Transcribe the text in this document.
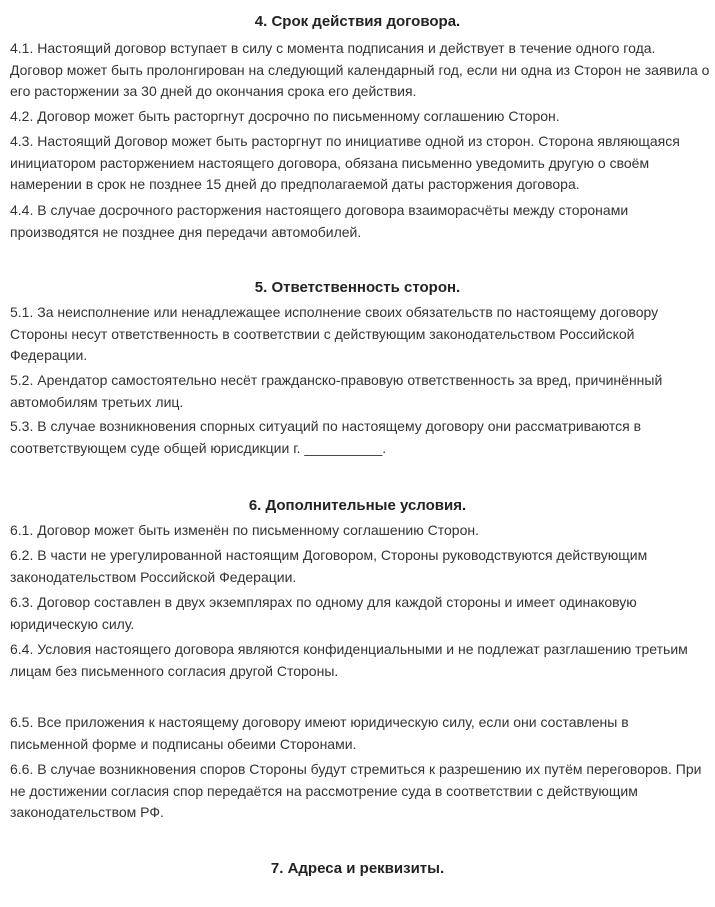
4. Срок действия договора.

4.1. Настоящий договор вступает в силу с момента подписания и действует в течение одного года. Договор может быть пролонгирован на следующий календарный год, если ни одна из Сторон не заявила о его расторжении за 30 дней до окончания срока его действия.

4.2. Договор может быть расторгнут досрочно по письменному соглашению Сторон.

4.3. Настоящий Договор может быть расторгнут по инициативе одной из сторон. Сторона являющаяся инициатором расторжением настоящего договора, обязана письменно уведомить другую о своём намерении в срок не позднее 15 дней до предполагаемой даты расторжения договора.

4.4. В случае досрочного расторжения настоящего договора взаиморасчёты между сторонами производятся не позднее дня передачи автомобилей.

5. Ответственность сторон.

5.1. За неисполнение или ненадлежащее исполнение своих обязательств по настоящему договору Стороны несут ответственность в соответствии с действующим законодательством Российской Федерации.

5.2. Арендатор самостоятельно несёт гражданско-правовую ответственность за вред, причинённый автомобилям третьих лиц.

5.3. В случае возникновения спорных ситуаций по настоящему договору они рассматриваются в соответствующем суде общей юрисдикции г. __________.

6. Дополнительные условия.

6.1. Договор может быть изменён по письменному соглашению Сторон.

6.2. В части не урегулированной настоящим Договором, Стороны руководствуются действующим законодательством Российской Федерации.

6.3. Договор составлен в двух экземплярах по одному для каждой стороны и имеет одинаковую юридическую силу.

6.4. Условия настоящего договора являются конфиденциальными и не подлежат разглашению третьим лицам без письменного согласия другой Стороны.

6.5. Все приложения к настоящему договору имеют юридическую силу, если они составлены в письменной форме и подписаны обеими Сторонами.

6.6. В случае возникновения споров Стороны будут стремиться к разрешению их путём переговоров. При не достижении согласия спор передаётся на рассмотрение суда в соответствии с действующим законодательством РФ.

7. Адреса и реквизиты.
